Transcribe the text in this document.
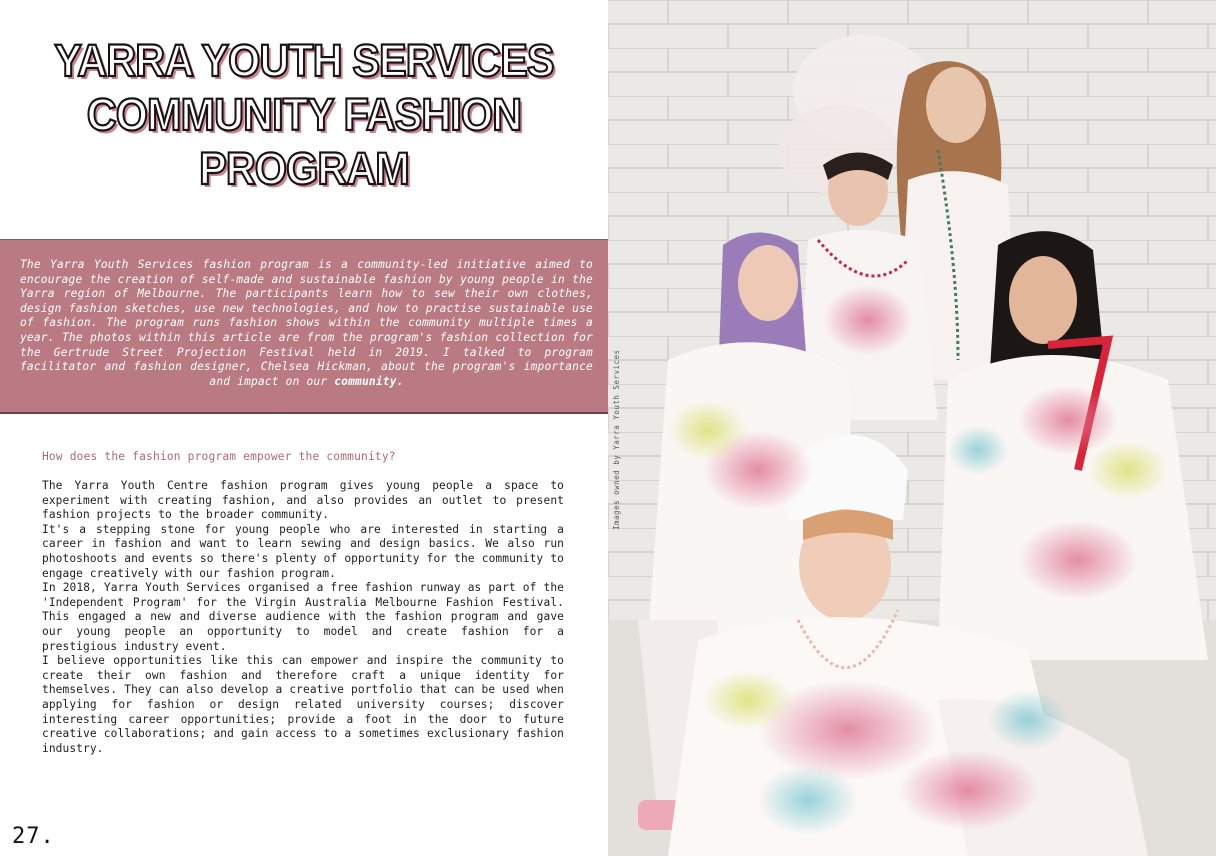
YARRA YOUTH SERVICES
COMMUNITY FASHION
PROGRAM
The Yarra Youth Services fashion program is a community-led initiative aimed to encourage the creation of self-made and sustainable fashion by young people in the Yarra region of Melbourne. The participants learn how to sew their own clothes, design fashion sketches, use new technologies, and how to practise sustainable use of fashion. The program runs fashion shows within the community multiple times a year. The photos within this article are from the program's fashion collection for the Gertrude Street Projection Festival held in 2019. I talked to program facilitator and fashion designer, Chelsea Hickman, about the program's importance and impact on our community.
How does the fashion program empower the community?

The Yarra Youth Centre fashion program gives young people a space to experiment with creating fashion, and also provides an outlet to present fashion projects to the broader community.

It's a stepping stone for young people who are interested in starting a career in fashion and want to learn sewing and design basics. We also run photoshoots and events so there's plenty of opportunity for the community to engage creatively with our fashion program.

In 2018, Yarra Youth Services organised a free fashion runway as part of the 'Independent Program' for the Virgin Australia Melbourne Fashion Festival. This engaged a new and diverse audience with the fashion program and gave our young people an opportunity to model and create fashion for a prestigious industry event.

I believe opportunities like this can empower and inspire the community to create their own fashion and therefore craft a unique identity for themselves. They can also develop a creative portfolio that can be used when applying for fashion or design related university courses; discover interesting career opportunities; provide a foot in the door to future creative collaborations; and gain access to a sometimes exclusionary fashion industry.

27.
Images owned by Yarra Youth Services
